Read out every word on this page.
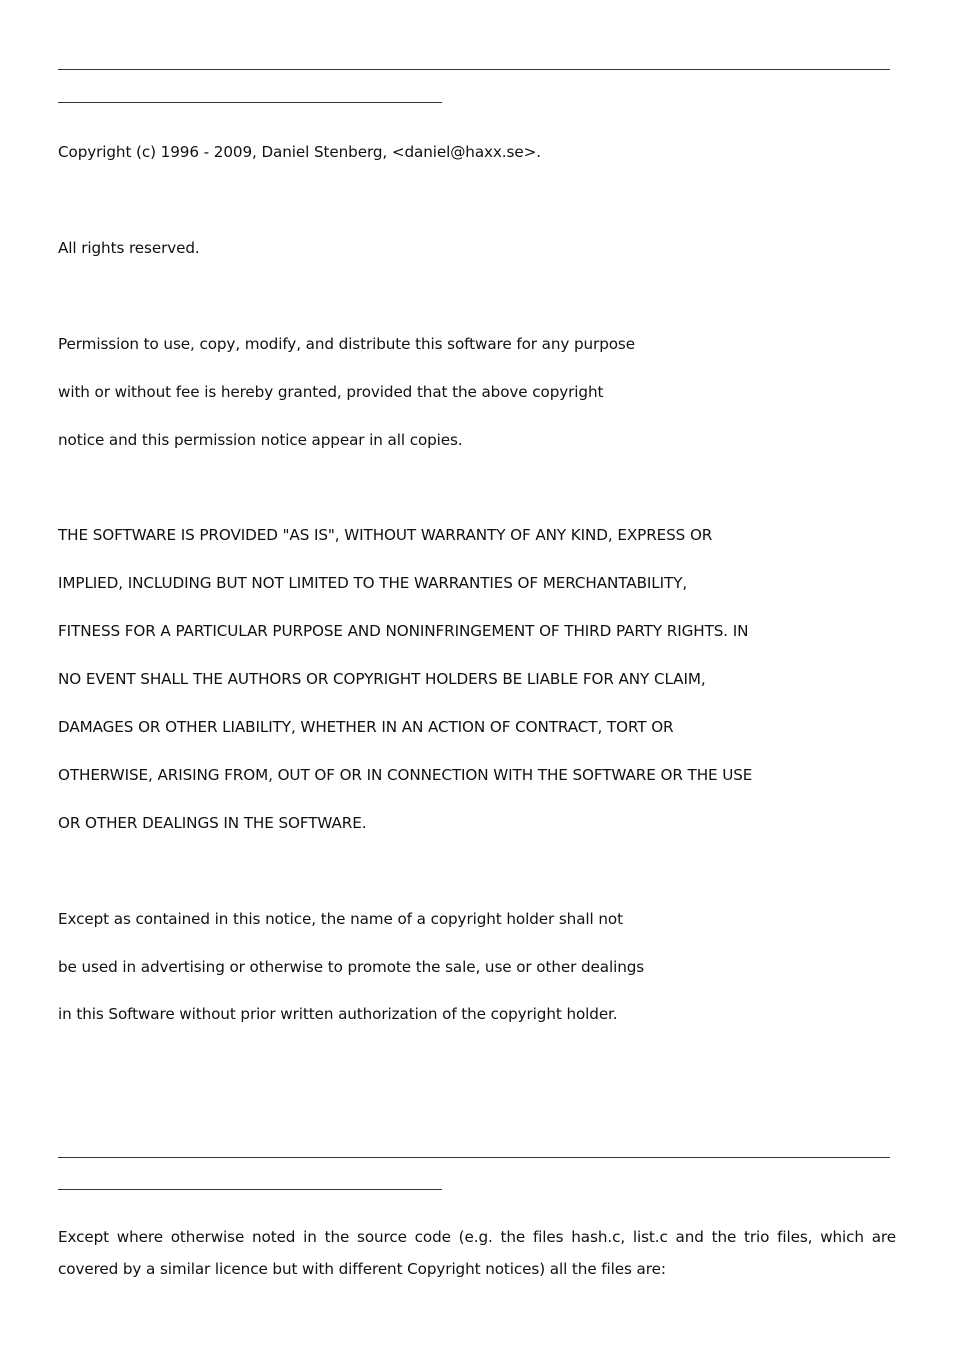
Copyright (c) 1996 - 2009, Daniel Stenberg, <daniel@haxx.se>.
All rights reserved.
Permission to use, copy, modify, and distribute this software for any purpose
with or without fee is hereby granted, provided that the above copyright
notice and this permission notice appear in all copies.
THE SOFTWARE IS PROVIDED "AS IS", WITHOUT WARRANTY OF ANY KIND, EXPRESS OR
IMPLIED, INCLUDING BUT NOT LIMITED TO THE WARRANTIES OF MERCHANTABILITY,
FITNESS FOR A PARTICULAR PURPOSE AND NONINFRINGEMENT OF THIRD PARTY RIGHTS. IN
NO EVENT SHALL THE AUTHORS OR COPYRIGHT HOLDERS BE LIABLE FOR ANY CLAIM,
DAMAGES OR OTHER LIABILITY, WHETHER IN AN ACTION OF CONTRACT, TORT OR
OTHERWISE, ARISING FROM, OUT OF OR IN CONNECTION WITH THE SOFTWARE OR THE USE
OR OTHER DEALINGS IN THE SOFTWARE.
Except as contained in this notice, the name of a copyright holder shall not
be used in advertising or otherwise to promote the sale, use or other dealings
in this Software without prior written authorization of the copyright holder.
Except where otherwise noted in the source code (e.g. the files hash.c, list.c and the trio files, which are covered by a similar licence but with different Copyright notices) all the files are:
